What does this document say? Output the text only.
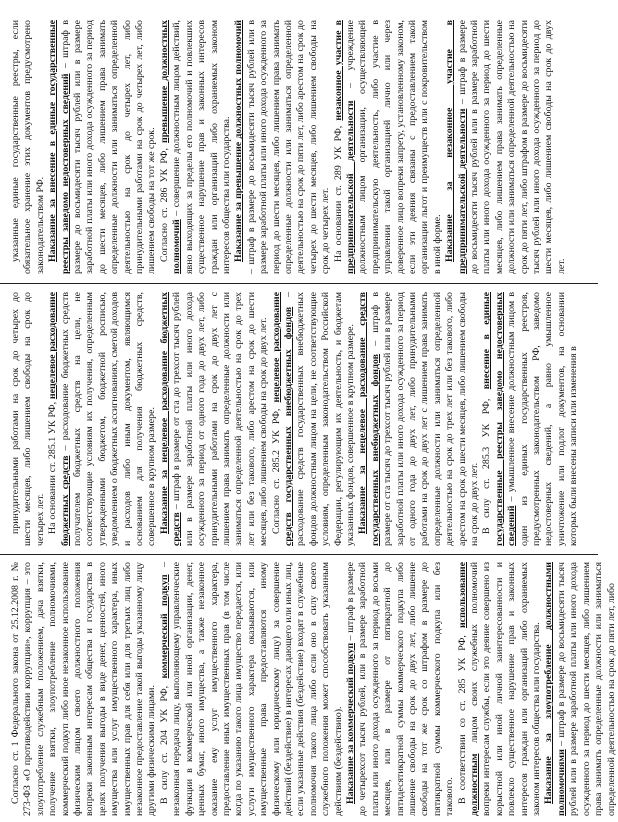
Согласно ст. 1 Федерального закона от 25.12.2008 г. № 273-ФЗ «О противодействии коррупции», коррупция – это злоупотребление служебным положением, дача взятки, получение взятки, злоупотребление полномочиями, коммерческий подкуп либо иное незаконное использование физическим лицом своего должностного положения вопреки законным интересам общества и государства в целях получения выгоды в виде денег, ценностей, иного имущества или услуг имущественного характера, иных имущественных прав для себя или для третьих лиц либо незаконное предоставление такой выгоды указанному лицу другими физическими лицами. В силу ст. 204 УК РФ, коммерческий подкуп – незаконная передача лицу, выполняющему управленческие функции в коммерческой или иной организации, денег, ценных бумаг, иного имущества, а также незаконное оказание ему услуг имущественного характера, предоставление иных имущественных прав (в том числе когда по указанию такого лица имущество передается, или услуги имущественного характера оказываются, или имущественные права предоставляются иному физическому или юридическому лицу) за совершение действий (бездействие) в интересах дающего или иных лиц, если указанные действия (бездействие) входят в служебные полномочия такого лица либо если оно в силу своего служебного положения может способствовать указанным действиям (бездействию). Наказание за коммерческий подкуп – штраф в размере до четырехсот тысяч рублей, или в размере заработной платы или иного дохода осужденного за период до восьми месяцев, или в размере от пятикратной до пятидесятикратной суммы коммерческого подкупа либо лишение свободы на срок до двух лет, либо лишение свободы на тот же срок со штрафом в размере до пятикратной суммы коммерческого подкупа или без такового. В соответствии со ст. 285 УК РФ, использование должностным лицом своих служебных полномочий вопреки интересам службы, если это деяние совершено из корыстной или иной личной заинтересованности и повлекло существенное нарушение прав и законных интересов граждан или организаций либо охраняемых законом интересов общества или государства. Наказание за злоупотребление должностными полномочиями – штраф в размере до восьмидесяти тысяч рублей или в размере заработной платы или иного дохода осужденного за период до шести месяцев, либо лишением права занимать определенные должности или заниматься определенной деятельностью на срок до пяти лет, либо

принудительными работами на срок до четырех до шести месяцев, либо лишением свободы на срок до четырех лет. На основании ст. 285.1 УК РФ, нецелевое расходование бюджетных средств – расходование бюджетных средств получателем бюджетных средств на цели, не соответствующие условиям их получения, определенным утвержденными бюджетом, бюджетной росписью, уведомлением о бюджетных ассигнованиях, сметой доходов и расходов либо иным документом, являющимся основанием для получения бюджетных средств, совершенное в крупном размере. Наказание за нецелевое расходование бюджетных средств – штраф в размере от ста до трехсот тысяч рублей или в размере заработной платы или иного дохода осужденного за период от одного года до двух лет, либо принудительными работами на срок до двух лет с лишением права занимать определенные должности или заниматься определенной деятельностью на срок до трех лет или без такового, либо арестом на срок до шести месяцев, либо лишением свободы на срок до двух лет. Согласно ст. 285.2 УК РФ, нецелевое расходование средств государственных внебюджетных фондов – расходование средств государственных внебюджетных фондов должностным лицом на цели, не соответствующие условиям, определенным законодательством Российской Федерации, регулирующим их деятельность, и бюджетам указанных фондов, совершенное в крупном размере. Наказание за нецелевое расходование средств государственных внебюджетных фондов – штраф в размере от ста тысяч до трехсот тысяч рублей или в размере заработной платы или иного дохода осужденного за период от одного года до двух лет, либо принудительными работами на срок до двух лет с лишением права занимать определенные должности или заниматься определенной деятельностью на срок до трех лет или без такового, либо арестом на срок до шести месяцев, либо лишением свободы на срок до двух лет. В силу ст. 285.3 УК РФ, внесение в единые государственные реестры заведомо недостоверных сведений – умышленное внесение должностным лицом в один из единых государственных реестров, предусмотренных законодательством РФ, заведомо недостоверных сведений, а равно умышленное уничтожение или подлог документов, на основании которых были внесены записи или изменения в

указанные единые государственные реестры, если обязательное хранение этих документов предусмотрено законодательством РФ. Наказание за внесение в единые государственные реестры заведомо недостоверных сведений – штраф в размере до восьмидесяти тысяч рублей или в размере заработной платы или иного дохода осужденного за период до шести месяцев, либо лишением права занимать определенные должности или заниматься определенной деятельностью на срок до четырех лет, либо принудительными работами на срок до четырех лет, либо лишением свободы на тот же срок. Согласно ст. 286 УК РФ, превышение должностных полномочий – совершение должностным лицом действий, явно выходящих за пределы его полномочий и повлекших существенное нарушение прав и законных интересов граждан или организаций либо охраняемых законом интересов общества или государства. Наказание за превышение должностных полномочий – штраф в размере до восьмидесяти тысяч рублей или в размере заработной платы или иного дохода осужденного за период до шести месяцев, либо лишением права занимать определенные должности или заниматься определенной деятельностью на срок до пяти лет, либо арестом на срок до четырех до шести месяцев, либо лишением свободы на срок до четырех лет. На основании ст. 289 УК РФ, незаконное участие в предпринимательской деятельности – учреждение должностным лицом организации, осуществляющей предпринимательскую деятельность, либо участие в управлении такой организацией лично или через доверенное лицо вопреки запрету, установленному законом, если эти деяния связаны с предоставлением такой организации льгот и преимуществ или с покровительством в иной форме. Наказание за незаконное участие в предпринимательской деятельности – штраф в размере до восьмидесяти тысяч рублей или в размере заработной платы или иного дохода осужденного за период до шести месяцев, либо лишением права занимать определенные должности или заниматься определенной деятельностью на срок до пяти лет, либо штрафом в размере до восьмидесяти тысяч рублей или иного дохода осужденного за период до шести месяцев, либо лишением свободы на срок до двух лет.
